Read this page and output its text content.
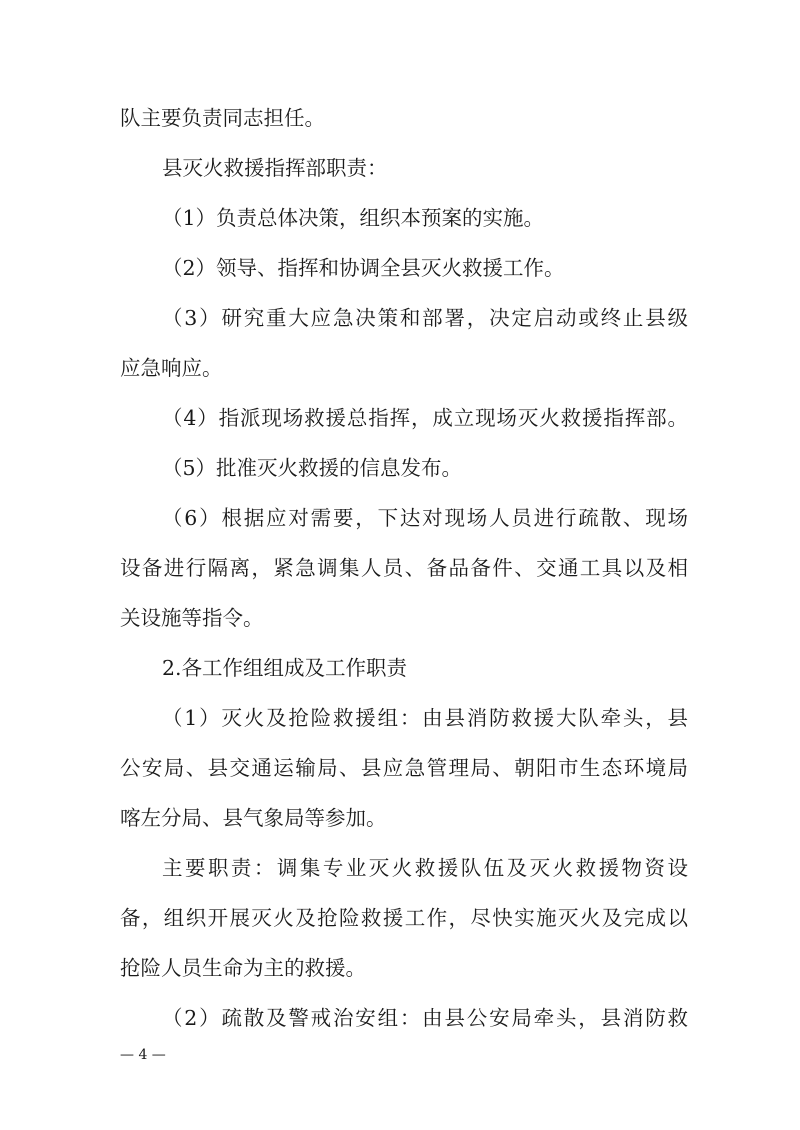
队主要负责同志担任。

县灭火救援指挥部职责：

（1）负责总体决策，组织本预案的实施。

（2）领导、指挥和协调全县灭火救援工作。

（3）研究重大应急决策和部署，决定启动或终止县级

应急响应。

（4）指派现场救援总指挥，成立现场灭火救援指挥部。

（5）批准灭火救援的信息发布。

（6）根据应对需要，下达对现场人员进行疏散、现场

设备进行隔离，紧急调集人员、备品备件、交通工具以及相

关设施等指令。

2.各工作组组成及工作职责

（1）灭火及抢险救援组：由县消防救援大队牵头，县

公安局、县交通运输局、县应急管理局、朝阳市生态环境局

喀左分局、县气象局等参加。

主要职责：调集专业灭火救援队伍及灭火救援物资设

备，组织开展灭火及抢险救援工作，尽快实施灭火及完成以

抢险人员生命为主的救援。

（2）疏散及警戒治安组：由县公安局牵头，县消防救

— 4 —
